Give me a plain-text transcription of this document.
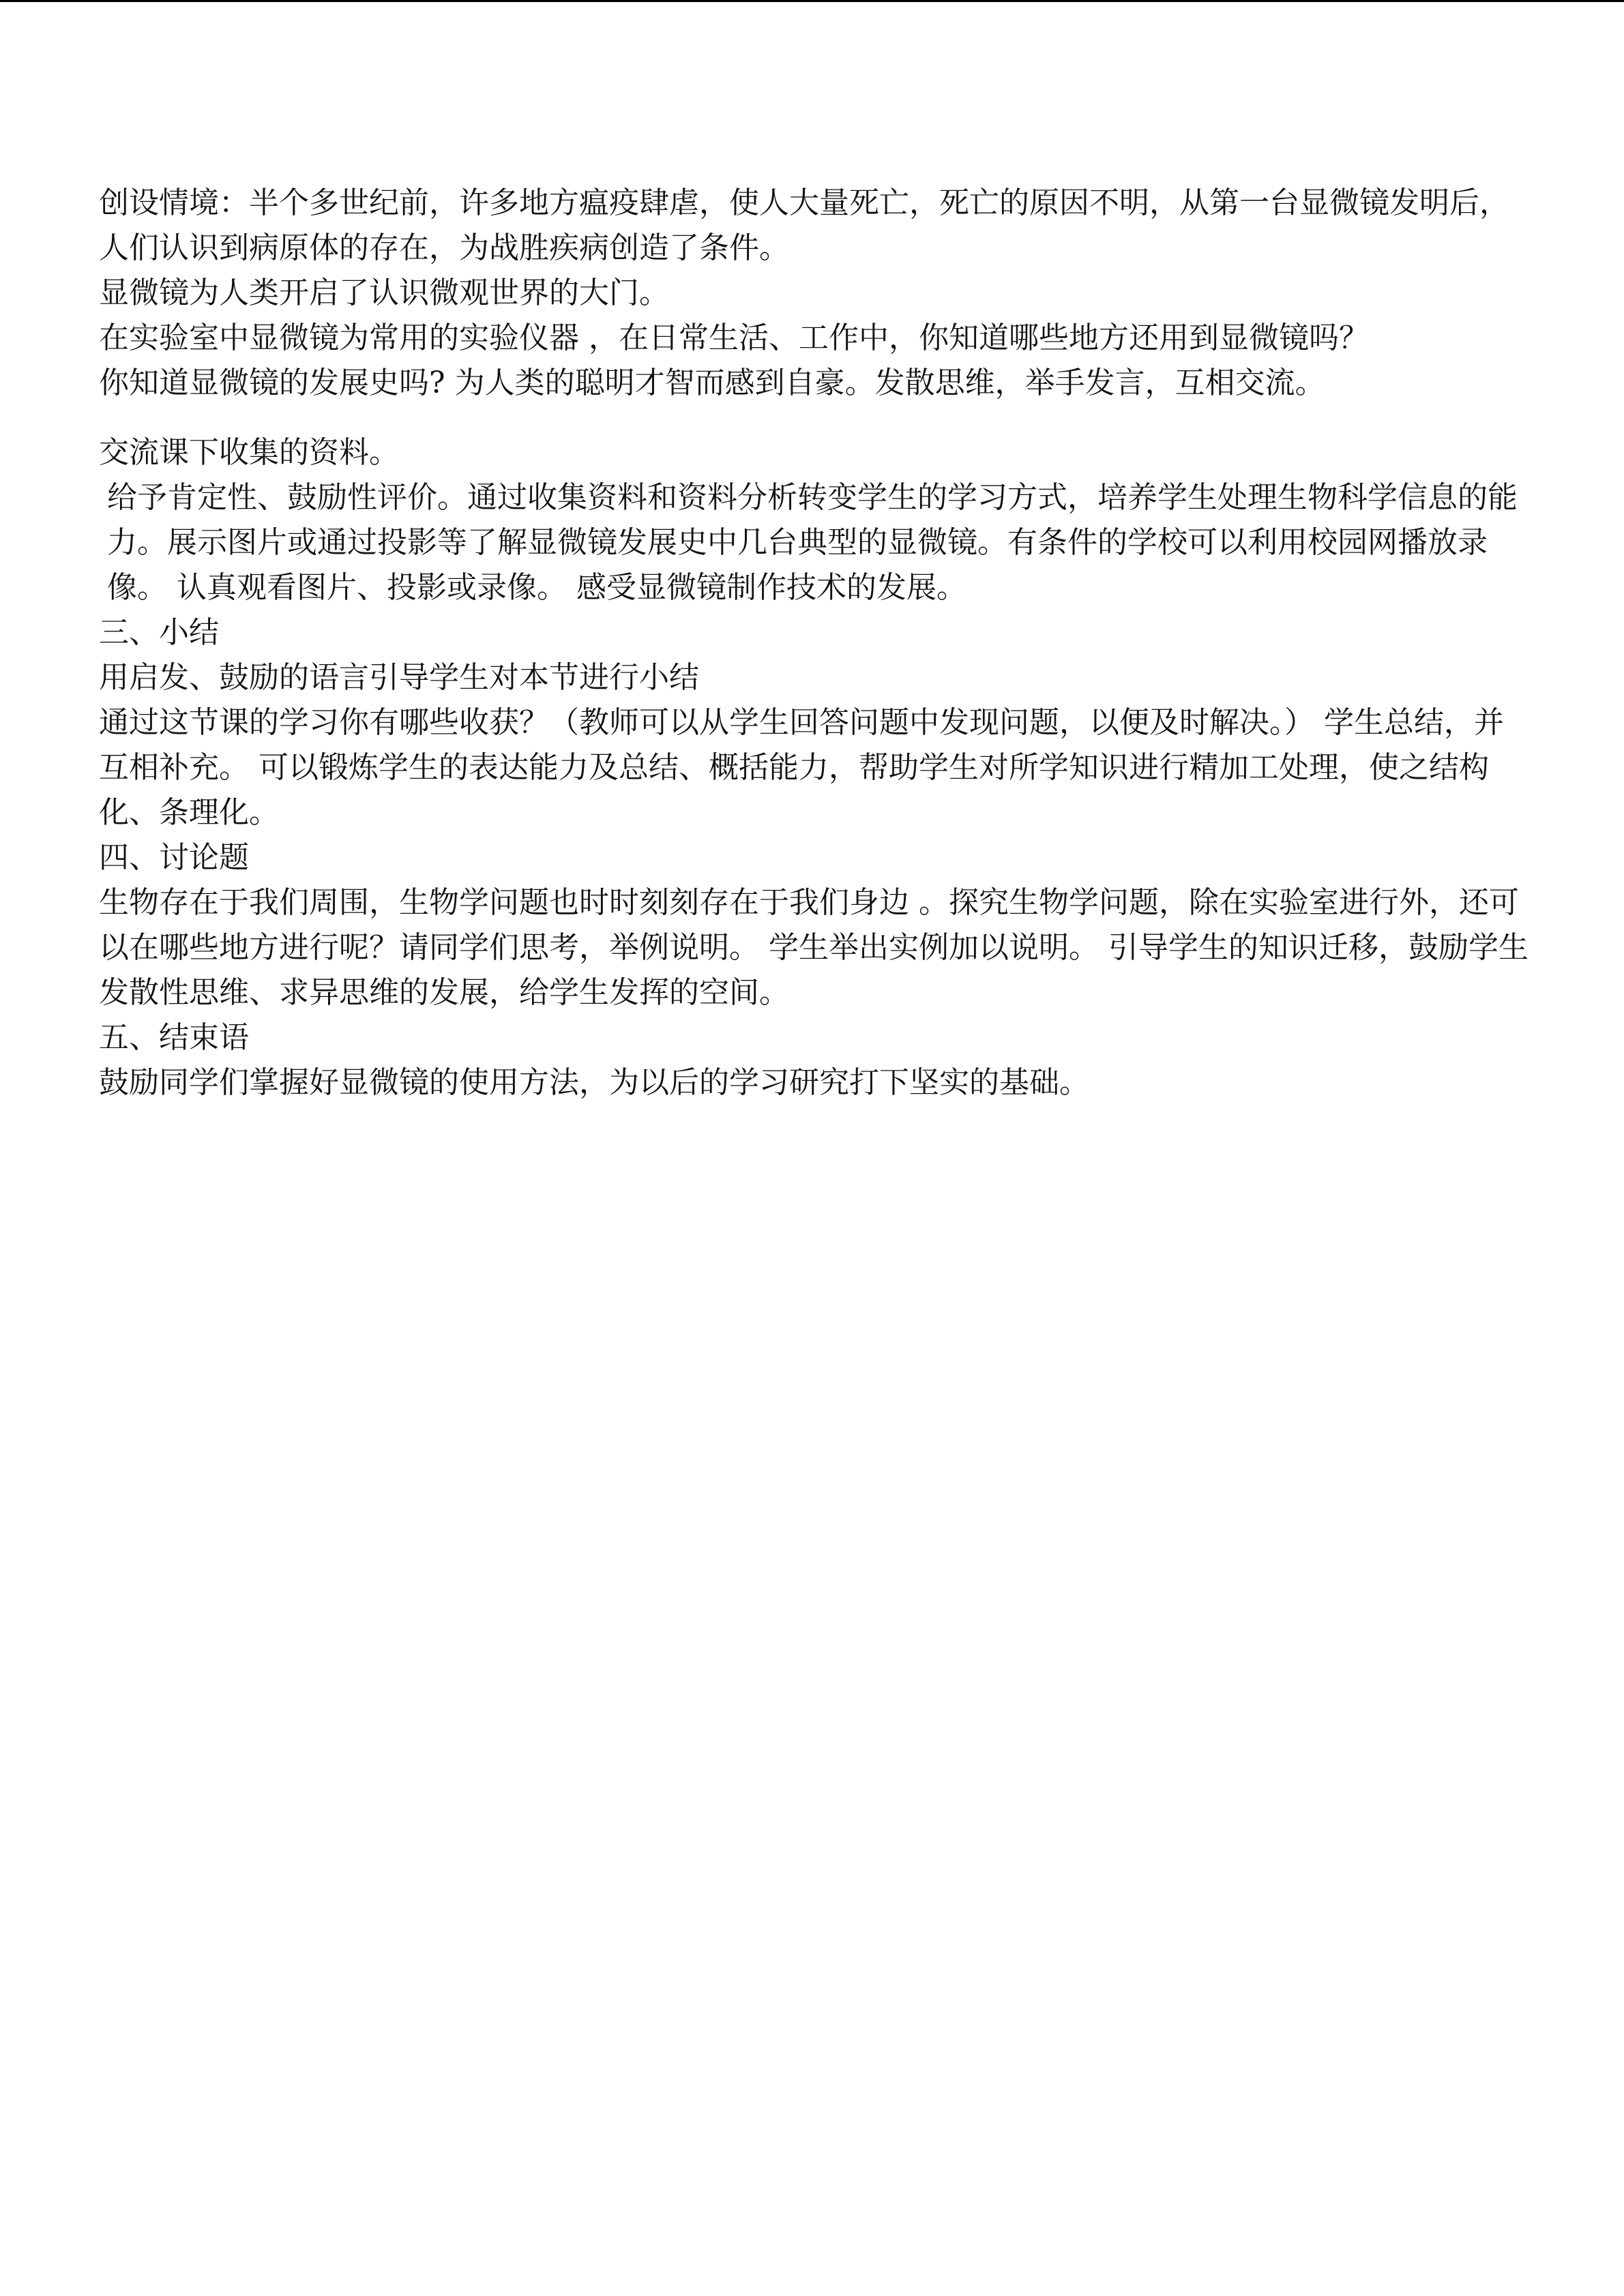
创设情境：半个多世纪前，许多地方瘟疫肆虐，使人大量死亡，死亡的原因不明，从第一台显微镜发明后，人们认识到病原体的存在，为战胜疾病创造了条件。

显微镜为人类开启了认识微观世界的大门。

在实验室中显微镜为常用的实验仪器 ，在日常生活、工作中，你知道哪些地方还用到显微镜吗？

你知道显微镜的发展史吗? 为人类的聪明才智而感到自豪。发散思维，举手发言，互相交流。

交流课下收集的资料。

给予肯定性、鼓励性评价。通过收集资料和资料分析转变学生的学习方式，培养学生处理生物科学信息的能力。展示图片或通过投影等了解显微镜发展史中几台典型的显微镜。有条件的学校可以利用校园网播放录像。 认真观看图片、投影或录像。 感受显微镜制作技术的发展。

三、小结

用启发、鼓励的语言引导学生对本节进行小结

通过这节课的学习你有哪些收获？（教师可以从学生回答问题中发现问题，以便及时解决。） 学生总结，并互相补充。 可以锻炼学生的表达能力及总结、概括能力，帮助学生对所学知识进行精加工处理，使之结构化、条理化。

四、讨论题

生物存在于我们周围，生物学问题也时时刻刻存在于我们身边 。探究生物学问题，除在实验室进行外，还可以在哪些地方进行呢？请同学们思考，举例说明。 学生举出实例加以说明。 引导学生的知识迁移，鼓励学生发散性思维、求异思维的发展，给学生发挥的空间。

五、结束语

鼓励同学们掌握好显微镜的使用方法，为以后的学习研究打下坚实的基础。
